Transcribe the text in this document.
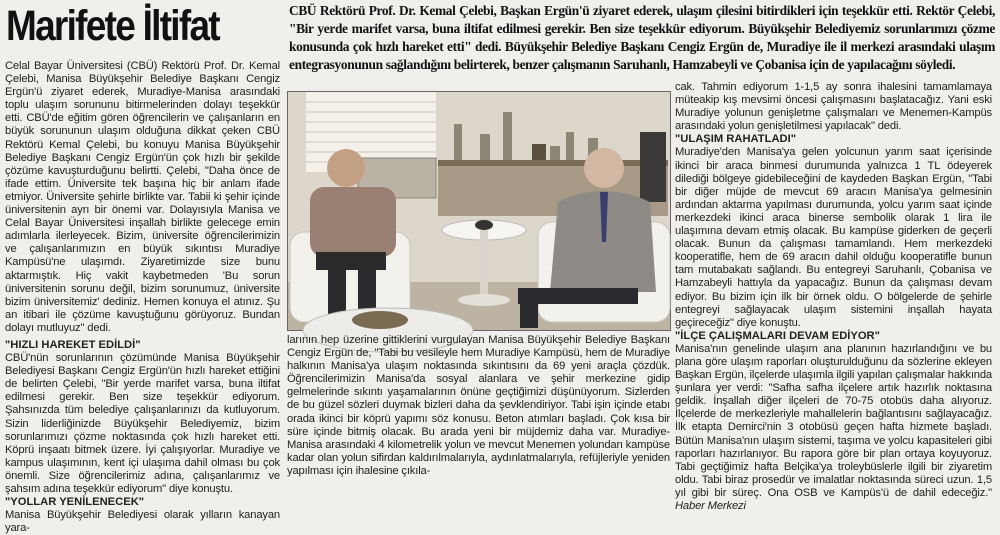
Marifete İltifat	CBÜ Rektörü Prof. Dr. Kemal Çelebi, Başkan Ergün'ü ziyaret ederek, ulaşım çilesini bitirdikleri için teşekkür etti. Rektör Çelebi, "Bir yerde marifet varsa, buna iltifat edilmesi gerekir. Ben size teşekkür ediyorum. Büyükşehir Belediyemiz sorunlarımızı çözme konusunda çok hızlı hareket etti" dedi. Büyükşehir Belediye Başkanı Cengiz Ergün de, Muradiye ile il merkezi arasındaki ulaşım entegrasyonunun sağlandığını belirterek, benzer çalışmanın Saruhanlı, Hamzabeyli ve Çobanisa için de yapılacağını söyledi.

Celal Bayar Üniversitesi (CBÜ) Rektörü Prof. Dr. Kemal Çelebi, Manisa Büyükşehir Belediye Başkanı Cengiz Ergün'ü ziyaret ederek, Muradiye-Manisa arasındaki toplu ulaşım sorununu bitirmelerinden dolayı teşekkür etti. CBÜ'de eğitim gören öğrencilerin ve çalışanların en büyük sorununun ulaşım olduğuna dikkat çeken CBÜ Rektörü Kemal Çelebi, bu konuyu Manisa Büyükşehir Belediye Başkanı Cengiz Ergün'ün çok hızlı bir şekilde çözüme kavuşturduğunu belirtti. Çelebi, "Daha önce de ifade ettim. Üniversite tek başına hiç bir anlam ifade etmiyor. Üniversite şehirle birlikte var. Tabii ki şehir içinde üniversitenin ayrı bir önemi var. Dolayısıyla Manisa ve Celal Bayar Üniversitesi inşallah birlikte gelecege emin adımlarla ilerleyecek. Bizim, üniversite öğrencilerimizin ve çalışanlarımızın en büyük sıkıntısı Muradiye Kampüsü'ne ulaşımdı. Ziyaretimizde size bunu aktarmıştık. Hiç vakit kaybetmeden 'Bu sorun üniversitenin sorunu değil, bizim sorunumuz, üniversite bizim üniversitemiz' dediniz. Hemen konuya el atınız. Şu an itibari ile çözüme kavuştuğunu görüyoruz. Bundan dolayı mutluyuz" dedi.
"HIZLI HAREKET EDİLDİ"
CBÜ'nün sorunlarının çözümünde Manisa Büyükşehir Belediyesi Başkanı Cengiz Ergün'ün hızlı hareket ettiğini de belirten Çelebi, "Bir yerde marifet varsa, buna iltifat edilmesi gerekir. Ben size teşekkür ediyorum. Şahsınızda tüm belediye çalışanlarınızı da kutluyorum. Sizin liderliğinizde Büyükşehir Belediyemiz, bizim sorunlarımızı çözme noktasında çok hızlı hareket etti. Köprü inşaatı bitmek üzere. İyi çalışıyorlar. Muradiye ve kampus ulaşımının, kent içi ulaşıma dahil olması bu çok önemli. Size öğrencilerimiz adına, çalışanlarımız ve şahsım adına teşekkür ediyorum" diye konuştu.
"YOLLAR YENİLENECEK"
Manisa Büyükşehir Belediyesi olarak yılların kanayan yara-
larının hep üzerine gittiklerini vurgulayan Manisa Büyükşehir Belediye Başkanı Cengiz Ergün de, "Tabi bu vesileyle hem Muradiye Kampüsü, hem de Muradiye halkının Manisa'ya ulaşım noktasında sıkıntısını da 69 yeni araçla çözdük. Öğrencilerimizin Manisa'da sosyal alanlara ve şehir merkezine gidip gelmelerinde sıkıntı yaşamalarının önüne geçtiğimizi düşünüyorum. Sizlerden de bu güzel sözleri duymak bizleri daha da şevklendiriyor. Tabi işin içinde etabı orada ikinci bir köprü yapımı söz konusu. Beton atımları başladı. Çok kısa bir süre içinde bitmiş olacak. Bu arada yeni bir müjdemiz daha var. Muradiye-Manisa arasındaki 4 kilometrelik yolun ve mevcut Menemen yolundan kampüse kadar olan yolun sifirdan kaldırılmalarıyla, aydınlatmalarıyla, refüjleriyle yeniden yapılması için ihalesine çıkıla-
cak. Tahmin ediyorum 1-1,5 ay sonra ihalesini tamamlamaya müteakip kış mevsimi öncesi çalışmasını başlatacağız. Yani eski Muradiye yolunun genişletme çalışmaları ve Menemen-Kampüs arasındaki yolun genişletilmesi yapılacak" dedi.
"ULAŞIM RAHATLADI"
Muradiye'den Manisa'ya gelen yolcunun yarım saat içerisinde ikinci bir araca binmesi durumunda yalnızca 1 TL ödeyerek dilediği bölgeye gidebileceğini de kaydeden Başkan Ergün, "Tabi bir diğer müjde de mevcut 69 aracın Manisa'ya gelmesinin ardından aktarma yapılması durumunda, yolcu yarım saat içinde merkezdeki ikinci araca binerse sembolik olarak 1 lira ile ulaşımına devam etmiş olacak. Bu kampüse giderken de geçerli olacak. Bunun da çalışması tamamlandı. Hem merkezdeki kooperatifle, hem de 69 aracın dahil olduğu kooperatifle bunun tam mutabakatı sağlandı. Bu entegreyi Saruhanlı, Çobanisa ve Hamzabeyli hattıyla da yapacağız. Bunun da çalışması devam ediyor. Bu bizim için ilk bir örnek oldu. O bölgelerde de şehirle entegreyi sağlayacak ulaşım sistemini inşallah hayata geçireceğiz" diye konuştu.
"İLÇE ÇALIŞMALARI DEVAM EDİYOR"
Manisa'nın genelinde ulaşım ana planının hazırlandığını ve bu plana göre ulaşım raporları oluşturulduğunu da sözlerine ekleyen Başkan Ergün, ilçelerde ulaşımla ilgili yapılan çalışmalar hakkında şunlara yer verdi: "Safha safha ilçelere artık hazırlık noktasına geldik. İnşallah diğer ilçeleri de 70-75 otobüs daha alıyoruz. İlçelerde de merkezleriyle mahallelerin bağlantısını sağlayacağız. İlk etapta Demirci'nin 3 otobüsü geçen hafta hizmete başladı. Bütün Manisa'nın ulaşım sistemi, taşıma ve yolcu kapasiteleri gibi raporları hazırlanıyor. Bu rapora göre bir plan ortaya koyuyoruz. Tabi geçtiğimiz hafta Belçika'ya troleybüslerle ilgili bir ziyaretim oldu. Tabi biraz prosedür ve imalatlar noktasında süreci uzun. 1,5 yıl gibi bir süreç. Ona OSB ve Kampüs'ü de dahil edeceğiz." Haber Merkezi
